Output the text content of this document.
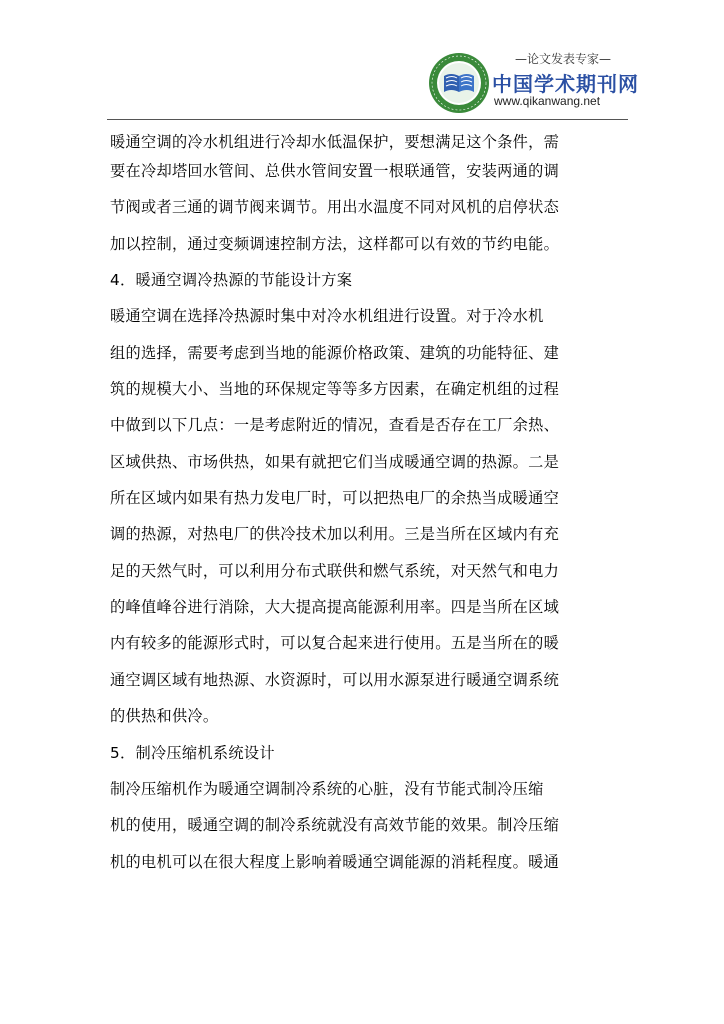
—论文发表专家—
中国学术期刊网
www.qikanwang.net
暖通空调的冷水机组进行冷却水低温保护，要想满足这个条件，需
要在冷却塔回水管间、总供水管间安置一根联通管，安装两通的调
节阀或者三通的调节阀来调节。用出水温度不同对风机的启停状态
加以控制，通过变频调速控制方法，这样都可以有效的节约电能。
4．暖通空调冷热源的节能设计方案
暖通空调在选择冷热源时集中对冷水机组进行设置。对于冷水机
组的选择，需要考虑到当地的能源价格政策、建筑的功能特征、建
筑的规模大小、当地的环保规定等等多方因素，在确定机组的过程
中做到以下几点：一是考虑附近的情况，查看是否存在工厂余热、
区域供热、市场供热，如果有就把它们当成暖通空调的热源。二是
所在区域内如果有热力发电厂时，可以把热电厂的余热当成暖通空
调的热源，对热电厂的供冷技术加以利用。三是当所在区域内有充
足的天然气时，可以利用分布式联供和燃气系统，对天然气和电力
的峰值峰谷进行消除，大大提高提高能源利用率。四是当所在区域
内有较多的能源形式时，可以复合起来进行使用。五是当所在的暖
通空调区域有地热源、水资源时，可以用水源泵进行暖通空调系统
的供热和供冷。
5．制冷压缩机系统设计
制冷压缩机作为暖通空调制冷系统的心脏，没有节能式制冷压缩
机的使用，暖通空调的制冷系统就没有高效节能的效果。制冷压缩
机的电机可以在很大程度上影响着暖通空调能源的消耗程度。暖通
